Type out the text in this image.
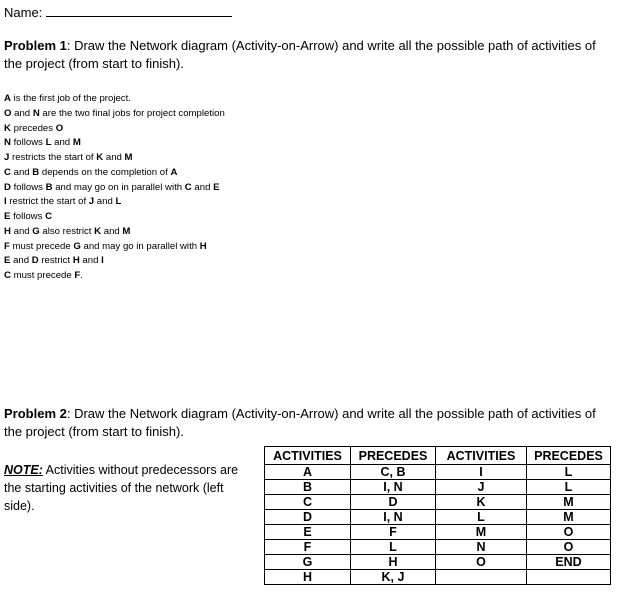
Name:
Problem 1: Draw the Network diagram (Activity-on-Arrow) and write all the possible path of activities of the project (from start to finish).
A is the first job of the project.
O and N are the two final jobs for project completion
K precedes O
N follows L and M
J restricts the start of K and M
C and B depends on the completion of A
D follows B and may go on in parallel with C and E
I restrict the start of J and L
E follows C
H and G also restrict K and M
F must precede G and may go in parallel with H
E and D restrict H and I
C must precede F.
Problem 2: Draw the Network diagram (Activity-on-Arrow) and write all the possible path of activities of the project (from start to finish).
NOTE: Activities without predecessors are the starting activities of the network (left side).
ACTIVITIES	PRECEDES	ACTIVITIES	PRECEDES
A	C, B	I	L
B	I, N	J	L
C	D	K	M
D	I, N	L	M
E	F	M	O
F	L	N	O
G	H	O	END
H	K, J		
